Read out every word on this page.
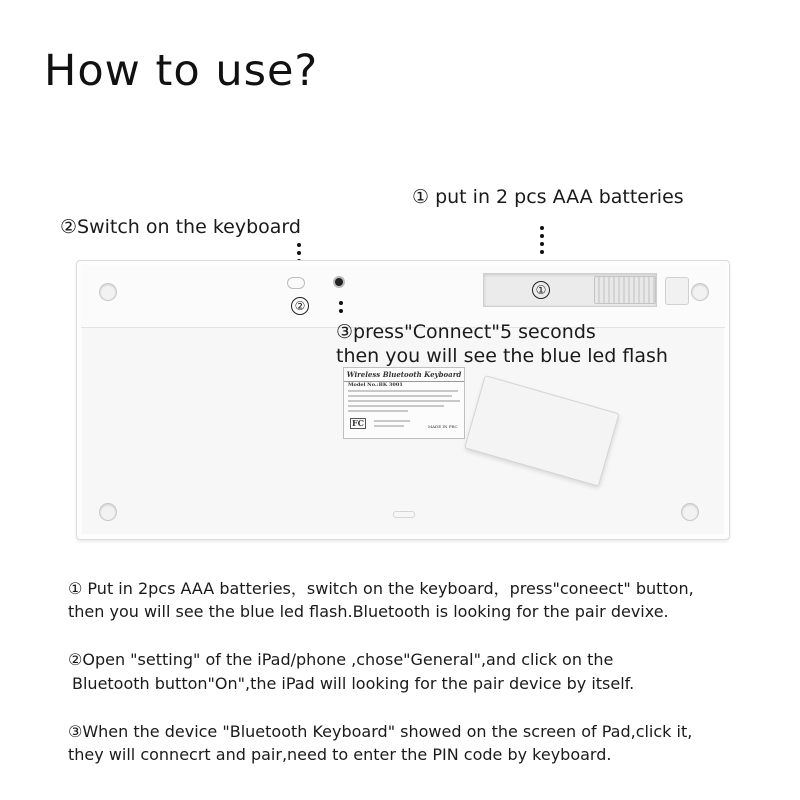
How to use?
① put in 2 pcs AAA batteries
②Switch on the keyboard
②
①
Wireless Bluetooth Keyboard
Model No.:BK 3001
FC	MADE IN PRC
③press"Connect"5 seconds
then you will see the blue led flash
① Put in 2pcs AAA batteries，switch on the keyboard，press"coneect" button,
then you will see the blue led flash.Bluetooth is looking for the pair devixe.
②Open "setting" of the iPad/phone ,chose"General",and click on the
Bluetooth button"On",the iPad will looking for the pair device by itself.
③When the device "Bluetooth Keyboard" showed on the screen of Pad,click it,
they will connecrt and pair,need to enter the PIN code by keyboard.
